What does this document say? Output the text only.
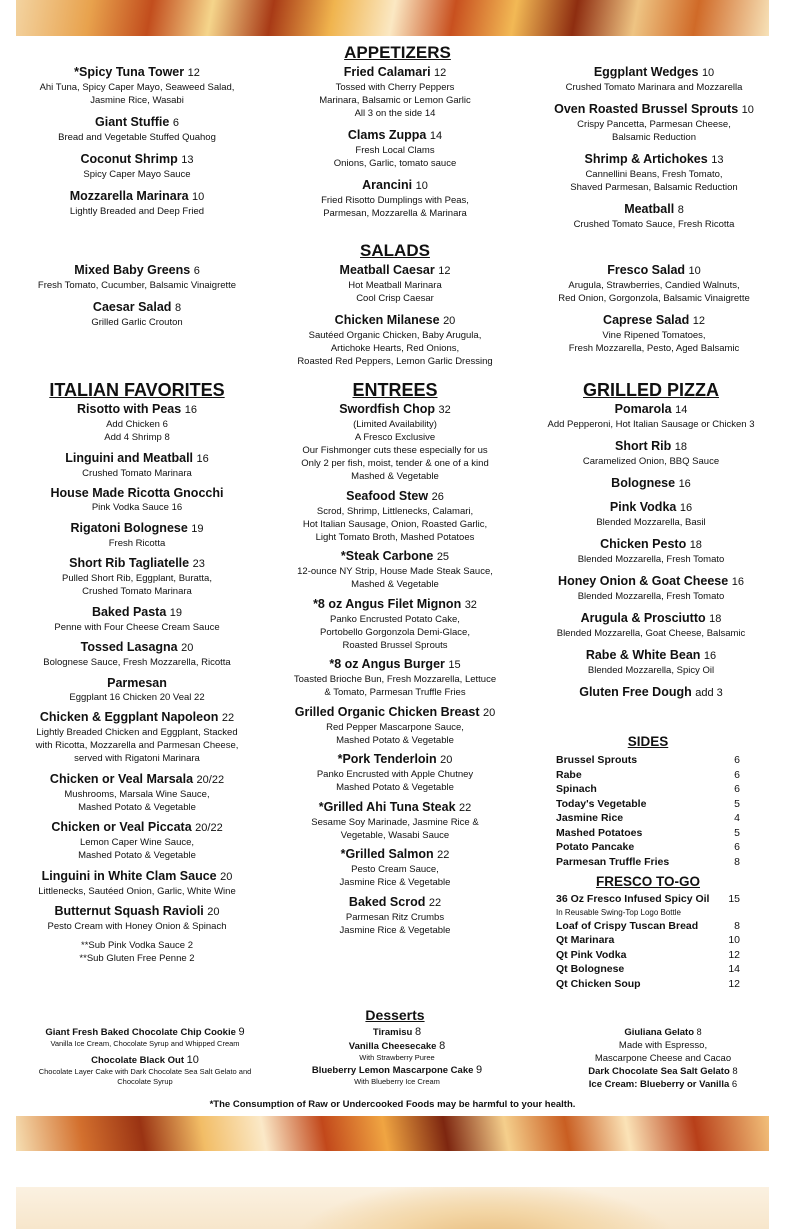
APPETIZERS
*Spicy Tuna Tower 12
Ahi Tuna, Spicy Caper Mayo, Seaweed Salad,
Jasmine Rice, Wasabi
Giant Stuffie 6
Bread and Vegetable Stuffed Quahog
Coconut Shrimp 13
Spicy Caper Mayo Sauce
Mozzarella Marinara 10
Lightly Breaded and Deep Fried
Fried Calamari 12
Tossed with Cherry Peppers
Marinara, Balsamic or Lemon Garlic
All 3 on the side 14
Clams Zuppa 14
Fresh Local Clams
Onions, Garlic, tomato sauce
Arancini 10
Fried Risotto Dumplings with Peas,
Parmesan, Mozzarella & Marinara
Eggplant Wedges 10
Crushed Tomato Marinara and Mozzarella
Oven Roasted Brussel Sprouts 10
Crispy Pancetta, Parmesan Cheese,
Balsamic Reduction
Shrimp & Artichokes 13
Cannellini Beans, Fresh Tomato,
Shaved Parmesan, Balsamic Reduction
Meatball 8
Crushed Tomato Sauce, Fresh Ricotta
SALADS
Mixed Baby Greens 6
Fresh Tomato, Cucumber, Balsamic Vinaigrette
Caesar Salad 8
Grilled Garlic Crouton
Meatball Caesar 12
Hot Meatball Marinara
Cool Crisp Caesar
Chicken Milanese 20
Sautéed Organic Chicken, Baby Arugula,
Artichoke Hearts, Red Onions,
Roasted Red Peppers, Lemon Garlic Dressing
Fresco Salad 10
Arugula, Strawberries, Candied Walnuts,
Red Onion, Gorgonzola, Balsamic Vinaigrette
Caprese Salad 12
Vine Ripened Tomatoes,
Fresh Mozzarella, Pesto, Aged Balsamic
ITALIAN FAVORITES
Risotto with Peas 16
Add Chicken 6
Add 4 Shrimp 8
Linguini and Meatball 16
Crushed Tomato Marinara
House Made Ricotta Gnocchi
Pink Vodka Sauce 16
Rigatoni Bolognese 19
Fresh Ricotta
Short Rib Tagliatelle 23
Pulled Short Rib, Eggplant, Buratta,
Crushed Tomato Marinara
Baked Pasta 19
Penne with Four Cheese Cream Sauce
Tossed Lasagna 20
Bolognese Sauce, Fresh Mozzarella, Ricotta
Parmesan
Eggplant 16 Chicken 20 Veal 22
Chicken & Eggplant Napoleon 22
Lightly Breaded Chicken and Eggplant, Stacked
with Ricotta, Mozzarella and Parmesan Cheese,
served with Rigatoni Marinara
Chicken or Veal Marsala 20/22
Mushrooms, Marsala Wine Sauce,
Mashed Potato & Vegetable
Chicken or Veal Piccata 20/22
Lemon Caper Wine Sauce,
Mashed Potato & Vegetable
Linguini in White Clam Sauce 20
Littlenecks, Sautéed Onion, Garlic, White Wine
Butternut Squash Ravioli 20
Pesto Cream with Honey Onion & Spinach
**Sub Pink Vodka Sauce 2
**Sub Gluten Free Penne 2
ENTREES
Swordfish Chop 32
(Limited Availability)
A Fresco Exclusive
Our Fishmonger cuts these especially for us
Only 2 per fish, moist, tender & one of a kind
Mashed & Vegetable
Seafood Stew 26
Scrod, Shrimp, Littlenecks, Calamari,
Hot Italian Sausage, Onion, Roasted Garlic,
Light Tomato Broth, Mashed Potatoes
*Steak Carbone 25
12-ounce NY Strip, House Made Steak Sauce,
Mashed & Vegetable
*8 oz Angus Filet Mignon 32
Panko Encrusted Potato Cake,
Portobello Gorgonzola Demi-Glace,
Roasted Brussel Sprouts
*8 oz Angus Burger 15
Toasted Brioche Bun, Fresh Mozzarella, Lettuce
& Tomato, Parmesan Truffle Fries
Grilled Organic Chicken Breast 20
Red Pepper Mascarpone Sauce,
Mashed Potato & Vegetable
*Pork Tenderloin 20
Panko Encrusted with Apple Chutney
Mashed Potato & Vegetable
*Grilled Ahi Tuna Steak 22
Sesame Soy Marinade, Jasmine Rice &
Vegetable, Wasabi Sauce
*Grilled Salmon 22
Pesto Cream Sauce,
Jasmine Rice & Vegetable
Baked Scrod 22
Parmesan Ritz Crumbs
Jasmine Rice & Vegetable
GRILLED PIZZA
Pomarola 14
Add Pepperoni, Hot Italian Sausage or Chicken 3
Short Rib 18
Caramelized Onion, BBQ Sauce
Bolognese 16
Pink Vodka 16
Blended Mozzarella, Basil
Chicken Pesto 18
Blended Mozzarella, Fresh Tomato
Honey Onion & Goat Cheese 16
Blended Mozzarella, Fresh Tomato
Arugula & Prosciutto 18
Blended Mozzarella, Goat Cheese, Balsamic
Rabe & White Bean 16
Blended Mozzarella, Spicy Oil
Gluten Free Dough add 3
SIDES
Brussel Sprouts	6
Rabe	6
Spinach	6
Today's Vegetable	5
Jasmine Rice	4
Mashed Potatoes	5
Potato Pancake	6
Parmesan Truffle Fries	8
FRESCO TO-GO
36 Oz Fresco Infused Spicy Oil 15
In Reusable Swing-Top Logo Bottle
Loaf of Crispy Tuscan Bread	8
Qt Marinara	10
Qt Pink Vodka	12
Qt Bolognese	14
Qt Chicken Soup	12
Desserts
Giant Fresh Baked Chocolate Chip Cookie 9
Vanilla Ice Cream, Chocolate Syrup and Whipped Cream
Chocolate Black Out 10
Chocolate Layer Cake with Dark Chocolate Sea Salt Gelato and
Chocolate Syrup
Tiramisu 8
Vanilla Cheesecake 8
With Strawberry Puree
Blueberry Lemon Mascarpone Cake 9
With Blueberry Ice Cream
Giuliana Gelato 8
Made with Espresso,
Mascarpone Cheese and Cacao
Dark Chocolate Sea Salt Gelato 8
Ice Cream: Blueberry or Vanilla 6
*The Consumption of Raw or Undercooked Foods may be harmful to your health.
